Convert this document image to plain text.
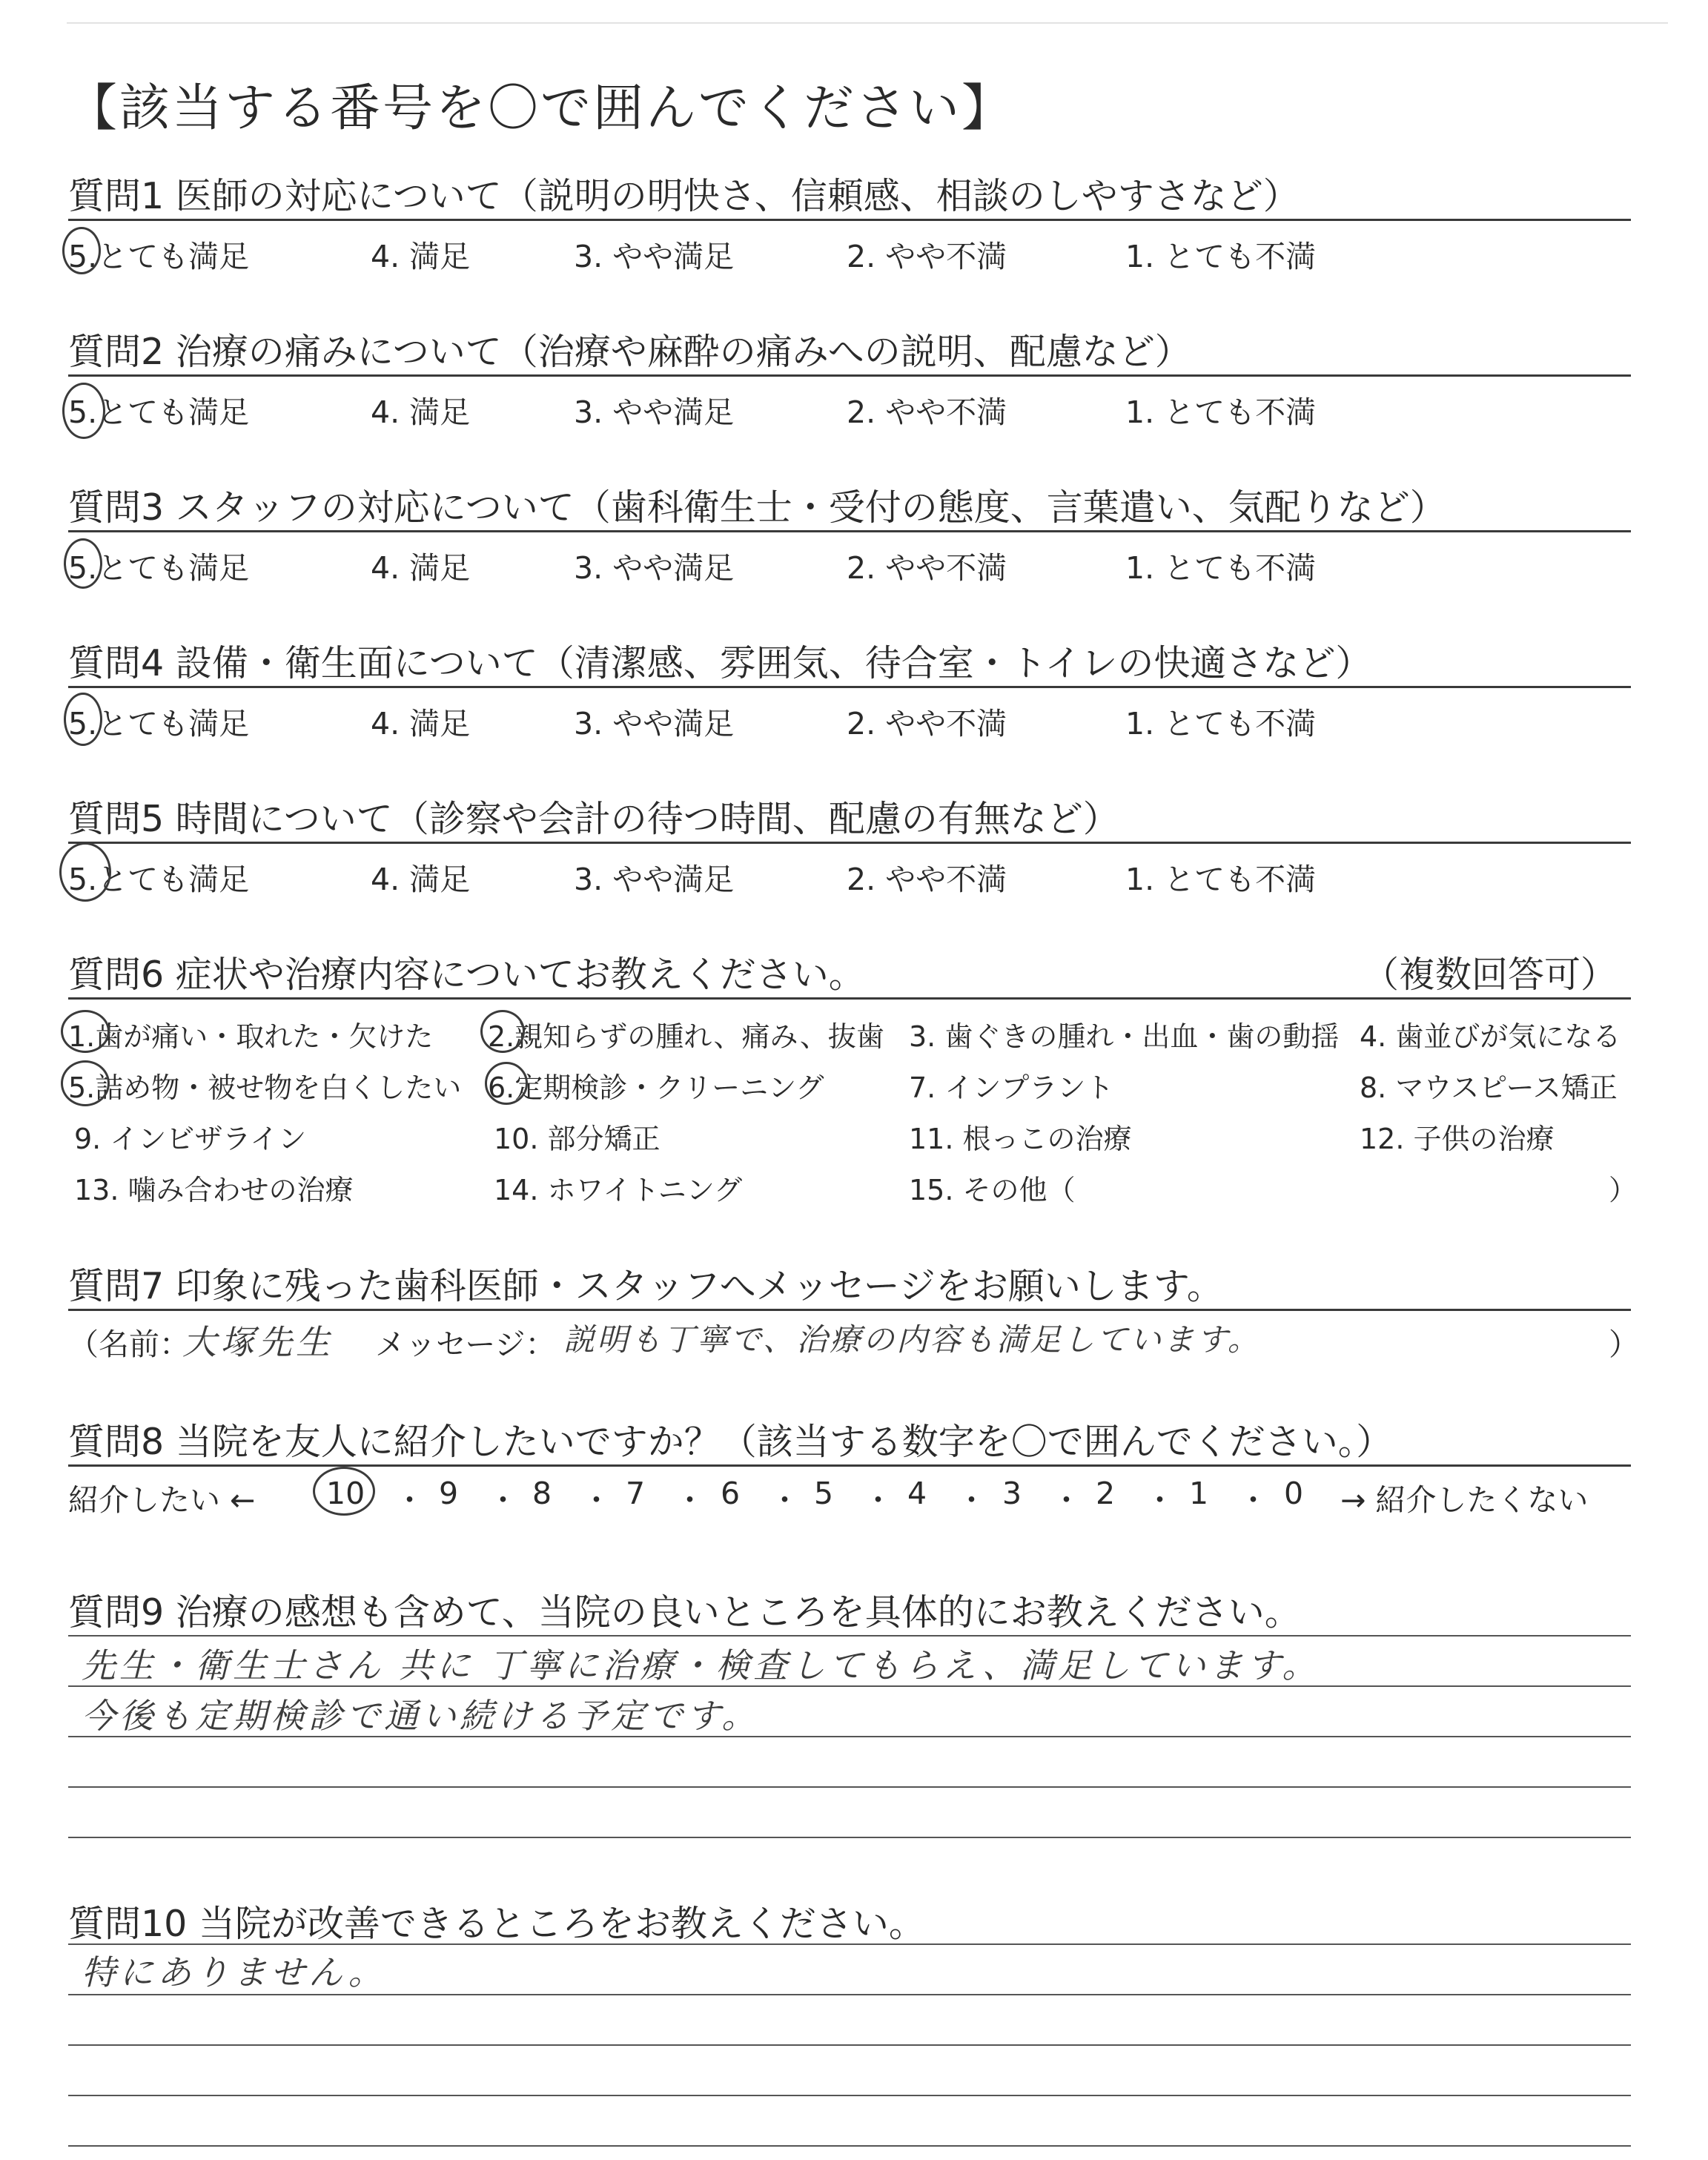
【該当する番号を〇で囲んでください】
質問1 医師の対応について（説明の明快さ、信頼感、相談のしやすさなど）
5.とても満足	4. 満足	3. やや満足	2. やや不満	1. とても不満
質問2 治療の痛みについて（治療や麻酔の痛みへの説明、配慮など）
5.とても満足	4. 満足	3. やや満足	2. やや不満	1. とても不満
質問3 スタッフの対応について（歯科衛生士・受付の態度、言葉遣い、気配りなど）
5.とても満足	4. 満足	3. やや満足	2. やや不満	1. とても不満
質問4 設備・衛生面について（清潔感、雰囲気、待合室・トイレの快適さなど）
5.とても満足	4. 満足	3. やや満足	2. やや不満	1. とても不満
質問5 時間について（診察や会計の待つ時間、配慮の有無など）
5.とても満足	4. 満足	3. やや満足	2. やや不満	1. とても不満
質問6 症状や治療内容についてお教えください。	（複数回答可）
1.歯が痛い・取れた・欠けた 2.親知らずの腫れ、痛み、抜歯 3. 歯ぐきの腫れ・出血・歯の動揺 4. 歯並びが気になる
5.詰め物・被せ物を白くしたい 6.定期検診・クリーニング	7. インプラント	8. マウスピース矯正
9. インビザライン	10. 部分矯正	11. 根っこの治療	12. 子供の治療
13. 噛み合わせの治療	14. ホワイトニング	15. その他（	）
質問7 印象に残った歯科医師・スタッフへメッセージをお願いします。
（名前：
大塚先生 メッセージ： 説明も丁寧で、治療の内容も満足しています。	）
質問8 当院を友人に紹介したいですか？（該当する数字を〇で囲んでください。）
紹介したい ← 10 ・ 9 ・ 8 ・ 7 ・ 6 ・ 5 ・ 4 ・ 3 ・ 2 ・ 1 ・ 0 → 紹介したくない
質問9 治療の感想も含めて、当院の良いところを具体的にお教えください。
先生・衛生士さん 共に 丁寧に治療・検査してもらえ、満足しています。
今後も定期検診で通い続ける予定です。
質問10 当院が改善できるところをお教えください。
特にありません。
